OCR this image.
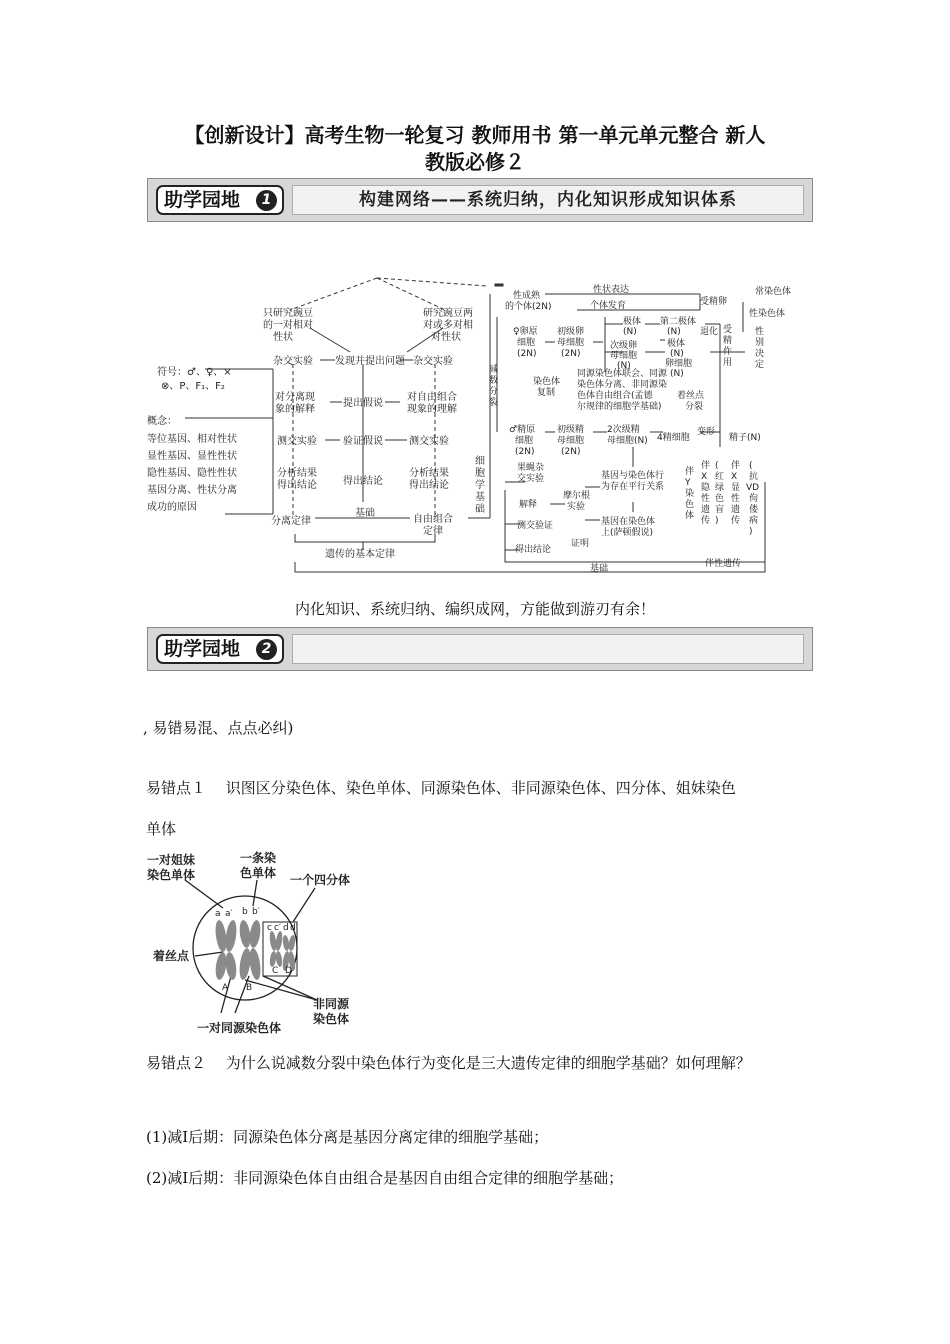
【创新设计】高考生物一轮复习 教师用书 第一单元单元整合 新人
教版必修２
助学园地	1	构建网络——系统归纳，内化知识形成知识体系
只研究豌豆
的一对相对
性状
研究豌豆两
对或多对相
对性状
杂交实验 发现并提出问题 杂交实验
符号： ♂、♀、×
⊗、P、F₁、F₂
对分离现
象的解释
提出假说
对自由组合
现象的理解
概念：
等位基因、相对性状
显性基因、显性性状
隐性基因、隐性性状
基因分离、性状分离
成功的原因
测交实验	验证假说	测交实验
分析结果
得出结论	得出结论
分析结果
得出结论
基础
分离定律	自由组合
定律
遗传的基本定律
细
胞
学
基
础
性成熟
的个体(2N)
性状表达
个体发育	受精卵
常染色体
性染色体
♀卵原
细胞
(2N)
初级卵
母细胞
(2N)
极体
(N)
第二极体
(N) 退化
次级卵
母细胞
(N)
极体
(N)
卵细胞
(N)
受
精
作
用
性
别
决
定
减
数
分
裂
染色体
复制
同源染色体联会、同源
染色体分离、非同源染
色体自由组合(孟德
尔规律的细胞学基础)
着丝点
分裂
♂精原
细胞
(2N)
初级精
母细胞
(2N)
2次级精
母细胞(N) 4精细胞
变形
精子(N)
果蝇杂
交实验
解释
摩尔根
实验
基因与染色体行
为存在平行关系
基因在染色体
上(萨顿假说)
测交验证
证明
得出结论
伴
Y
染
色
体
伴
X
隐
性
遗
传
(
红
绿
色
盲
)
伴
X
显
性
遗
传
(
抗
VD
佝
偻
病
)
基础	伴性遗传
内化知识、系统归纳、编织成网，方能做到游刃有余！
助学园地	2
, 易错易混、点点必纠)
易错点１　 识图区分染色体、染色单体、同源染色体、非同源染色体、四分体、姐妹染色
单体
一对姐妹
染色单体
一条染
色单体 一个四分体
着丝点
非同源
染色体
一对同源染色体
a a′ b b′
c c′ d d′
A B
C D
易错点２　 为什么说减数分裂中染色体行为变化是三大遗传定律的细胞学基础？如何理解？
(1)减Ⅰ后期：同源染色体分离是基因分离定律的细胞学基础；
(2)减Ⅰ后期：非同源染色体自由组合是基因自由组合定律的细胞学基础；
